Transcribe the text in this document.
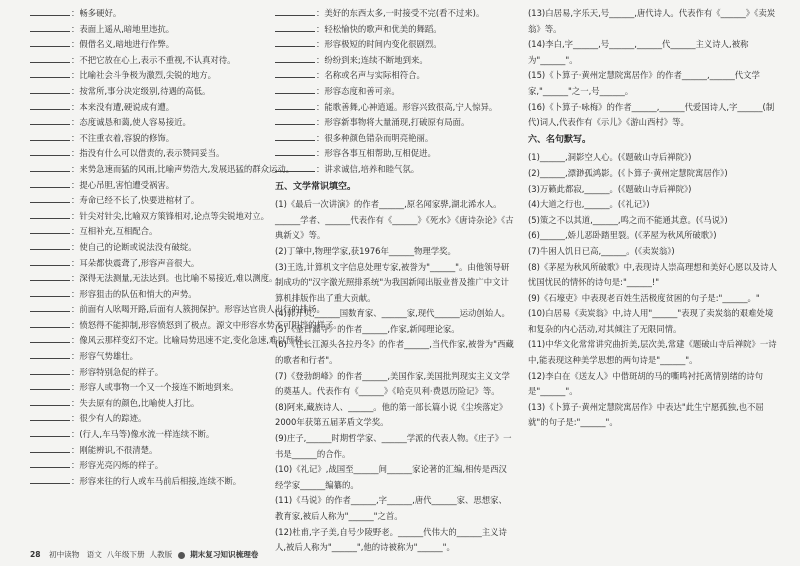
：畅多硬好。
：表面上遥从,暗地里违抗。
：假借名义,暗地进行作弊。
：不把它放在心上,表示不重视,不认真对待。
：比喻社会斗争极为激烈,尖锐的地方。
：按常所,事分决定级别,待遇的高低。
：本来没有遭,硬说成有遭。
：态度诚恳和蔼,使人容易接近。
：不注重衣着,容貌的修饰。
：指没有什么可以借责的,表示赞同妥当。
：来势急速而猛的风雨,比喻声势浩大,发展迅猛的群众运动。
：提心吊胆,害怕遭受祸害。
：寿命已经不长了,快要进棺材了。
：针尖对针尖,比喻双方策锋相对,论点等尖锐地对立。
：互相补充,互相配合。
：使自己的论断或说法没有破绽。
：耳朵都快震聋了,形容声音很大。
：深得无法测量,无法达到。也比喻不易接近,难以测度。
：形容狙击的队伍和悄大的声势。
：前面有人吆喝开路,后面有人簇拥保护。形容达官贵人出行的排场。
：愤怒得不能抑制,形容愤怒到了极点。源文中形容水势不可阻挡的样子。
：像风云那样变幻不定。比喻局势迅速不定,变化急速,难以预料。
：形容气势雄壮。
：形容特别急促的样子。
：形容人或事物一个又一个接连不断地到来。
：失去原有的颜色,比喻使人打比。
：很少有人的踪迹。
：(行人,车马等)像水流一样连续不断。
：刚能辨识,不很清楚。
：形容光亮闪烁的样子。
：形容来往的行人或车马前后相接,连续不断。
：美好的东西太多,一时接受不完(看不过来)。
：轻松愉快的歌声和优美的舞蹈。
：形容极短的时间内变化很剧烈。
：纷纷到来;连续不断地到来。
：名称或名声与实际相符合。
：形容态度和善可亲。
：能歌善舞,心神逍遥。形容兴致很高,宁人惊异。
：形容新事物将大量涌现,打破原有局面。
：很多种颜色错杂而明亮艳丽。
：形容各事互相帮助,互相促进。
：讲求诚信,培养和睦气氛。
五、文学常识填空。
(1)《最后一次讲演》的作者______,原名闻家骅,湖北浠水人。______学者、______代表作有《______》《死水》《唐诗杂论》《古典新义》等。
(2)丁肇中,物理学家,获1976年______物理学奖。
(3)王选,计算机文字信息处理专家,被誉为"______"。由他领导研制成功的"汉字激光照排系统"为我国新闻出版业普及推广中文计算机排版作出了重大贡献。
(4)郭开贝,______国数育家、______家,现代______运动创始人。
(5)《金日漏寺》的作者______,作家,新闻理论家。
(6)《在长江源头各拉丹冬》的作者______,当代作家,被誉为"西藏的歌者和行者"。
(7)《登勃朗峰》的作者______,美国作家,美国批判现实主义文学的奠基人。代表作有《______》《哈克贝利·费恩历险记》等。
(8)阿来,藏族诗人、______。他的第一部长篇小说《尘埃落定》2000年获第五届茅盾文学奖。
(9)庄子,______时期哲学家、______学派的代表人物。《庄子》一书是______的合作。
(10)《礼记》,战国至______间______家论著的汇编,相传是西汉经学家______编纂的。
(11)《马说》的作者______,字______,唐代______家、思想家、教育家,被后人称为"______"之首。
(12)杜甫,字子美,自号少陵野老。______代伟大的______主义诗人,被后人称为"______",他的诗被称为"______"。
(13)白居易,字乐天,号______,唐代诗人。代表作有《______》《卖炭翁》等。
(14)李白,字______,号______,______代______主义诗人,被称为"______"。
(15)《卜算子·黄州定慧院寓居作》的作者______,______代文学家,"______"之一,号______。
(16)《卜算子·咏梅》的作者______,______代爱国诗人,字______(制代)词人,代表作有《示儿》《游山西村》等。
六、名句默写。
(1)______,洞影空人心。(《题破山寺后禅院》)
(2)______,漂渺孤鸿影。(《卜算子·黄州定慧院寓居作》)
(3)万籁此都寂,______。(《题破山寺后禅院》)
(4)大道之行也,______。(《礼记》)
(5)策之不以其道,______,鸣之而不能通其意。(《马说》)
(6)______,娇儿恶卧踏里裂。(《茅屋为秋风所破歌》)
(7)牛困人饥日已高,______。(《卖炭翁》)
(8)《茅屋为秋风所破歌》中,表现诗人崇高理想和美好心愿以及诗人忧国忧民的情怀的诗句是:"______!"
(9)《石壕吏》中表现老百姓生活极度贫困的句子是:"______。"
(10)白居易《卖炭翁》中,诗人用"______"表现了卖炭翁的艰难处境和复杂的内心活动,对其倾注了无限同情。
(11)中华文化常常讲究曲折美,层次美,常建《题破山寺后禅院》一诗中,能表现这种美学思想的两句诗是"______"。
(12)李白在《送友人》中借斑胡的马的嘶鸣衬托离情别绪的诗句是"______"。
(13)《卜算子·黄州定慧院寓居作》中表达"此生宁愿孤独,也不屈就"的句子是:"______"。
28 初中读物 语文 八年级下册 人教版 期末复习知识梳理卷
